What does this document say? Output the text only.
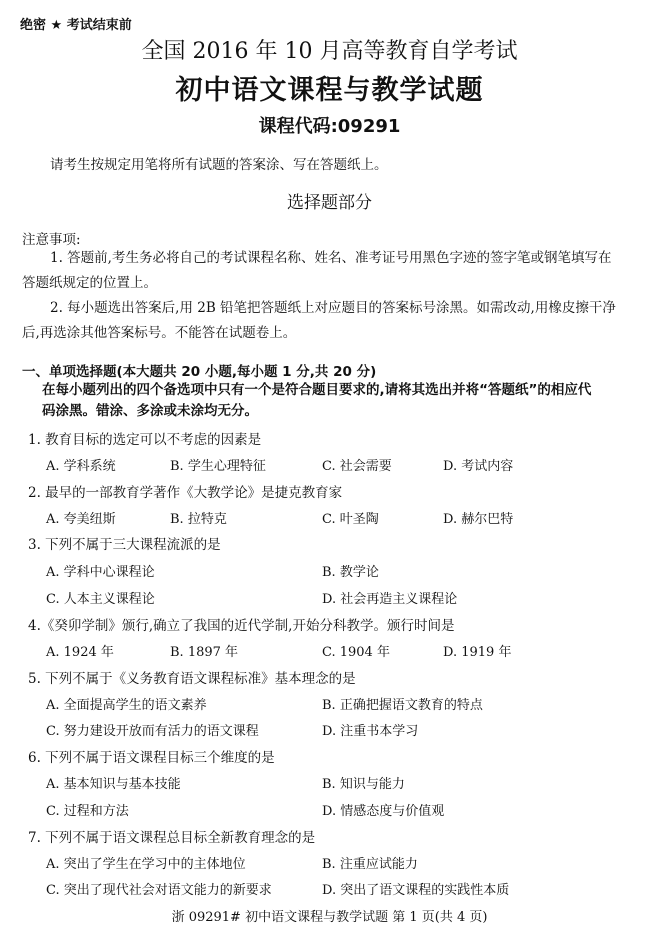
绝密 ★ 考试结束前
全国 2016 年 10 月高等教育自学考试
初中语文课程与教学试题
课程代码:09291
请考生按规定用笔将所有试题的答案涂、写在答题纸上。
选择题部分
注意事项:
1. 答题前,考生务必将自己的考试课程名称、姓名、准考证号用黑色字迹的签字笔或钢笔填写在答题纸规定的位置上。
2. 每小题选出答案后,用 2B 铅笔把答题纸上对应题目的答案标号涂黑。如需改动,用橡皮擦干净后,再选涂其他答案标号。不能答在试题卷上。
一、单项选择题(本大题共 20 小题,每小题 1 分,共 20 分)
在每小题列出的四个备选项中只有一个是符合题目要求的,请将其选出并将“答题纸”的相应代码涂黑。错涂、多涂或未涂均无分。
1. 教育目标的选定可以不考虑的因素是
A. 学科系统	B. 学生心理特征	C. 社会需要	D. 考试内容
2. 最早的一部教育学著作《大教学论》是捷克教育家
A. 夸美纽斯	B. 拉特克	C. 叶圣陶	D. 赫尔巴特
3. 下列不属于三大课程流派的是
A. 学科中心课程论	B. 教学论
C. 人本主义课程论	D. 社会再造主义课程论
4.《癸卯学制》颁行,确立了我国的近代学制,开始分科教学。颁行时间是
A. 1924 年	B. 1897 年	C. 1904 年	D. 1919 年
5. 下列不属于《义务教育语文课程标准》基本理念的是
A. 全面提高学生的语文素养	B. 正确把握语文教育的特点
C. 努力建设开放而有活力的语文课程	D. 注重书本学习
6. 下列不属于语文课程目标三个维度的是
A. 基本知识与基本技能	B. 知识与能力
C. 过程和方法	D. 情感态度与价值观
7. 下列不属于语文课程总目标全新教育理念的是
A. 突出了学生在学习中的主体地位	B. 注重应试能力
C. 突出了现代社会对语文能力的新要求	D. 突出了语文课程的实践性本质
浙 09291# 初中语文课程与教学试题 第 1 页(共 4 页)
